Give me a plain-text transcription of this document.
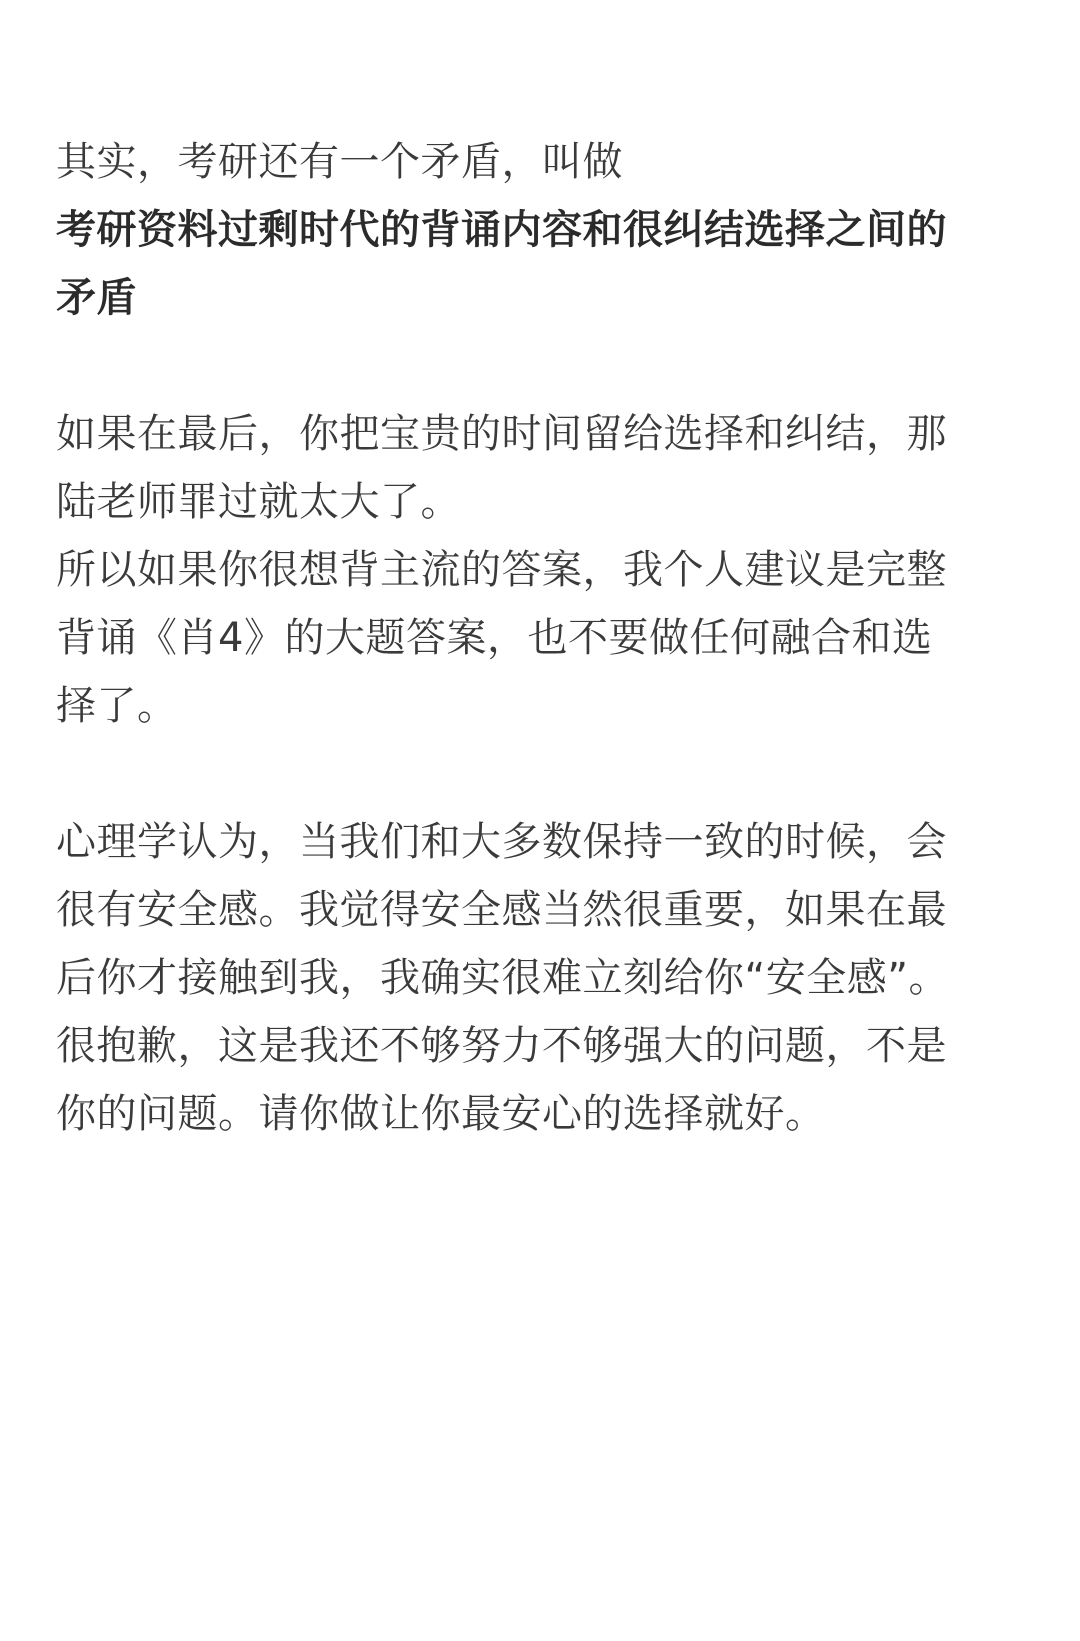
其实，考研还有一个矛盾，叫做
考研资料过剩时代的背诵内容和很纠结选择之间的
矛盾
如果在最后，你把宝贵的时间留给选择和纠结，那
陆老师罪过就太大了。
所以如果你很想背主流的答案，我个人建议是完整
背诵《肖4》的大题答案，也不要做任何融合和选
择了。
心理学认为，当我们和大多数保持一致的时候，会
很有安全感。我觉得安全感当然很重要，如果在最
后你才接触到我，我确实很难立刻给你“安全感”。
很抱歉，这是我还不够努力不够强大的问题，不是
你的问题。请你做让你最安心的选择就好。
